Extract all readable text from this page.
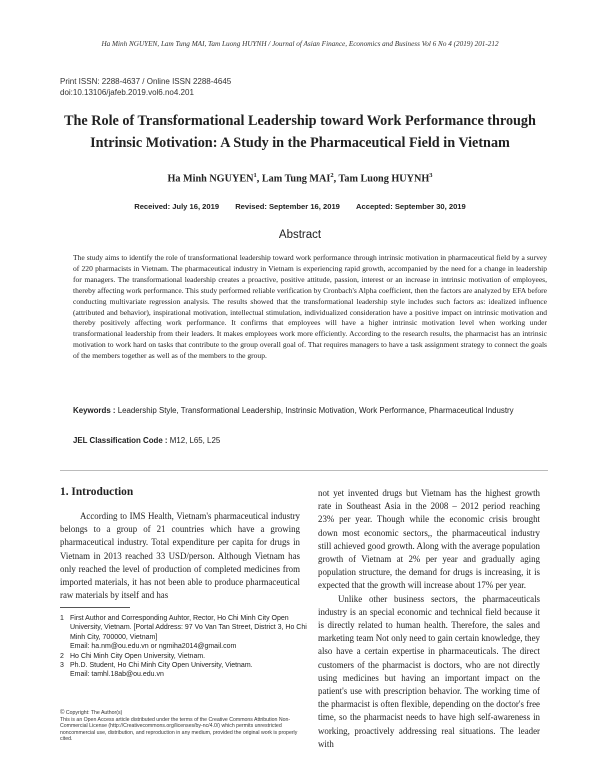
Ha Minh NGUYEN, Lam Tung MAI, Tam Luong HUYNH / Journal of Asian Finance, Economics and Business Vol 6 No 4 (2019) 201-212
Print ISSN: 2288-4637 / Online ISSN 2288-4645
doi:10.13106/jafeb.2019.vol6.no4.201
The Role of Transformational Leadership toward Work Performance through Intrinsic Motivation: A Study in the Pharmaceutical Field in Vietnam
Ha Minh NGUYEN$^1$, Lam Tung MAI$^2$, Tam Luong HUYNH$^3$
Received: July 16, 2019 Revised: September 16, 2019 Accepted: September 30, 2019
Abstract
The study aims to identify the role of transformational leadership toward work performance through intrinsic motivation in pharmaceutical field by a survey of 220 pharmacists in Vietnam. The pharmaceutical industry in Vietnam is experiencing rapid growth, accompanied by the need for a change in leadership for managers. The transformational leadership creates a proactive, positive attitude, passion, interest or an increase in intrinsic motivation of employees, thereby affecting work performance. This study performed reliable verification by Cronbach's Alpha coefficient, then the factors are analyzed by EFA before conducting multivariate regression analysis. The results showed that the transformational leadership style includes such factors as: idealized influence (attributed and behavior), inspirational motivation, intellectual stimulation, individualized consideration have a positive impact on intrinsic motivation and thereby positively affecting work performance. It confirms that employees will have a higher intrinsic motivation level when working under transformational leadership from their leaders. It makes employees work more efficiently. According to the research results, the pharmacist has an intrinsic motivation to work hard on tasks that contribute to the group overall goal of. That requires managers to have a task assignment strategy to connect the goals of the members together as well as of the members to the group.
Keywords : Leadership Style, Transformational Leadership, Instrinsic Motivation, Work Performance, Pharmaceutical Industry
JEL Classification Code : M12, L65, L25
1. Introduction

According to IMS Health, Vietnam's pharmaceutical industry belongs to a group of 21 countries which have a growing pharmaceutical industry. Total expenditure per capita for drugs in Vietnam in 2013 reached 33 USD/person. Although Vietnam has only reached the level of production of completed medicines from imported materials, it has not been able to produce pharmaceutical raw materials by itself and has

not yet invented drugs but Vietnam has the highest growth rate in Southeast Asia in the 2008 – 2012 period reaching 23% per year. Though while the economic crisis brought down most economic sectors,, the pharmaceutical industry still achieved good growth. Along with the average population growth of Vietnam at 2% per year and gradually aging population structure, the demand for drugs is increasing, it is expected that the growth will increase about 17% per year.

Unlike other business sectors, the pharmaceuticals industry is an special economic and technical field because it is directly related to human health. Therefore, the sales and marketing team Not only need to gain certain knowledge, they also have a certain expertise in pharmaceuticals. The direct customers of the pharmacist is doctors, who are not directly using medicines but having an important impact on the patient's use with prescription behavior. The working time of the pharmacist is often flexible, depending on the doctor's free time, so the pharmacist needs to have high self-awareness in working, proactively addressing real situations. The leader with

1 First Author and Corresponding Auhtor, Rector, Ho Chi Minh City Open University, Vietnam. [Portal Address: 97 Vo Van Tan Street, District 3, Ho Chi Minh City, 700000, Vietnam]
Email: ha.nm@ou.edu.vn or ngmiha2014@gmail.com
2 Ho Chi Minh City Open University, Vietnam.
3 Ph.D. Student, Ho Chi Minh City Open University, Vietnam.
Email: tamhl.18ab@ou.edu.vn
© Copyright: The Author(s)
This is an Open Access article distributed under the terms of the Creative Commons Attribution Non-Commercial License (http://Creativecommons.org/licenses/by-nc/4.0/) which permits unrestricted noncommercial use, distribution, and reproduction in any medium, provided the original work is properly cited.
